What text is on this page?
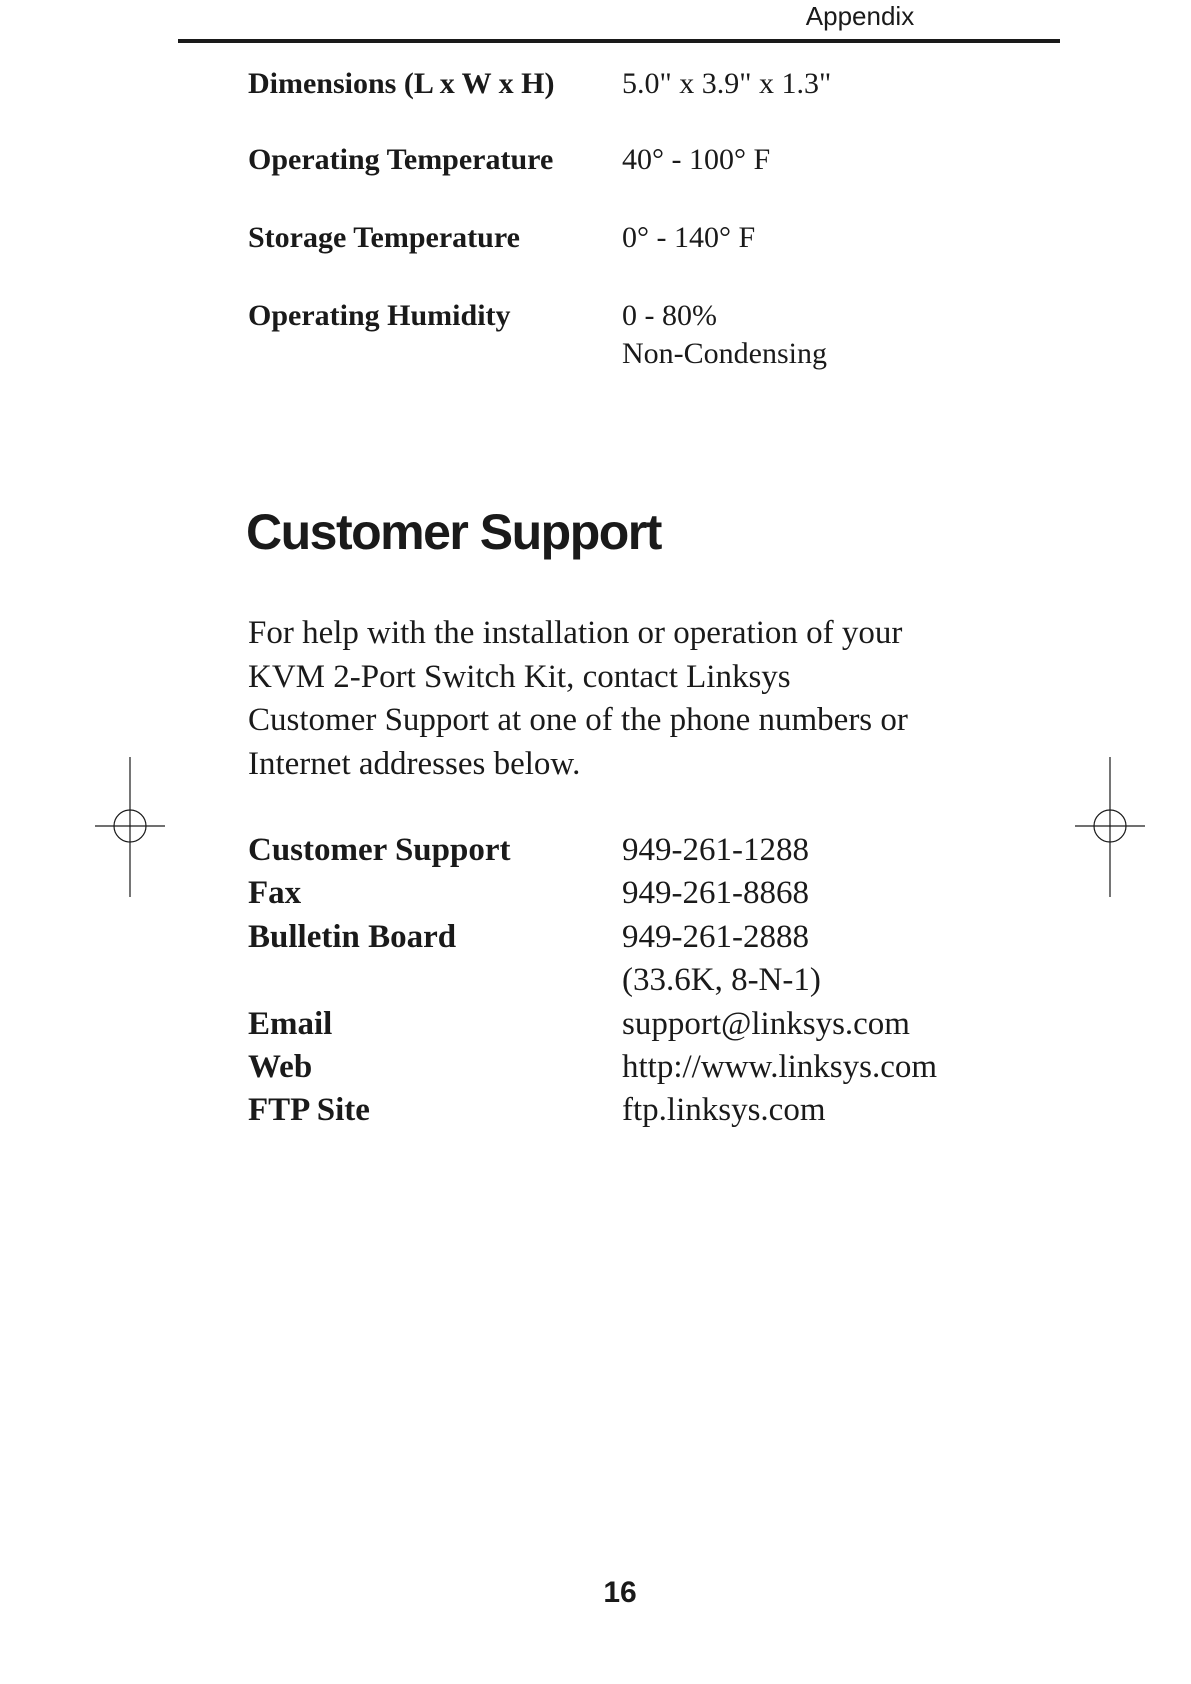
Appendix
Dimensions (L x W x H) 5.0" x 3.9" x 1.3"
Operating Temperature 40° - 100° F
Storage Temperature	0° - 140° F
Operating Humidity	0 - 80%
Non-Condensing
Customer Support
For help with the installation or operation of your
KVM 2-Port Switch Kit, contact Linksys
Customer Support at one of the phone numbers or
Internet addresses below.
Customer Support	949-261-1288
Fax	949-261-8868
Bulletin Board	949-261-2888
(33.6K, 8-N-1)
Email	support@linksys.com
Web	http://www.linksys.com
FTP Site	ftp.linksys.com
16
